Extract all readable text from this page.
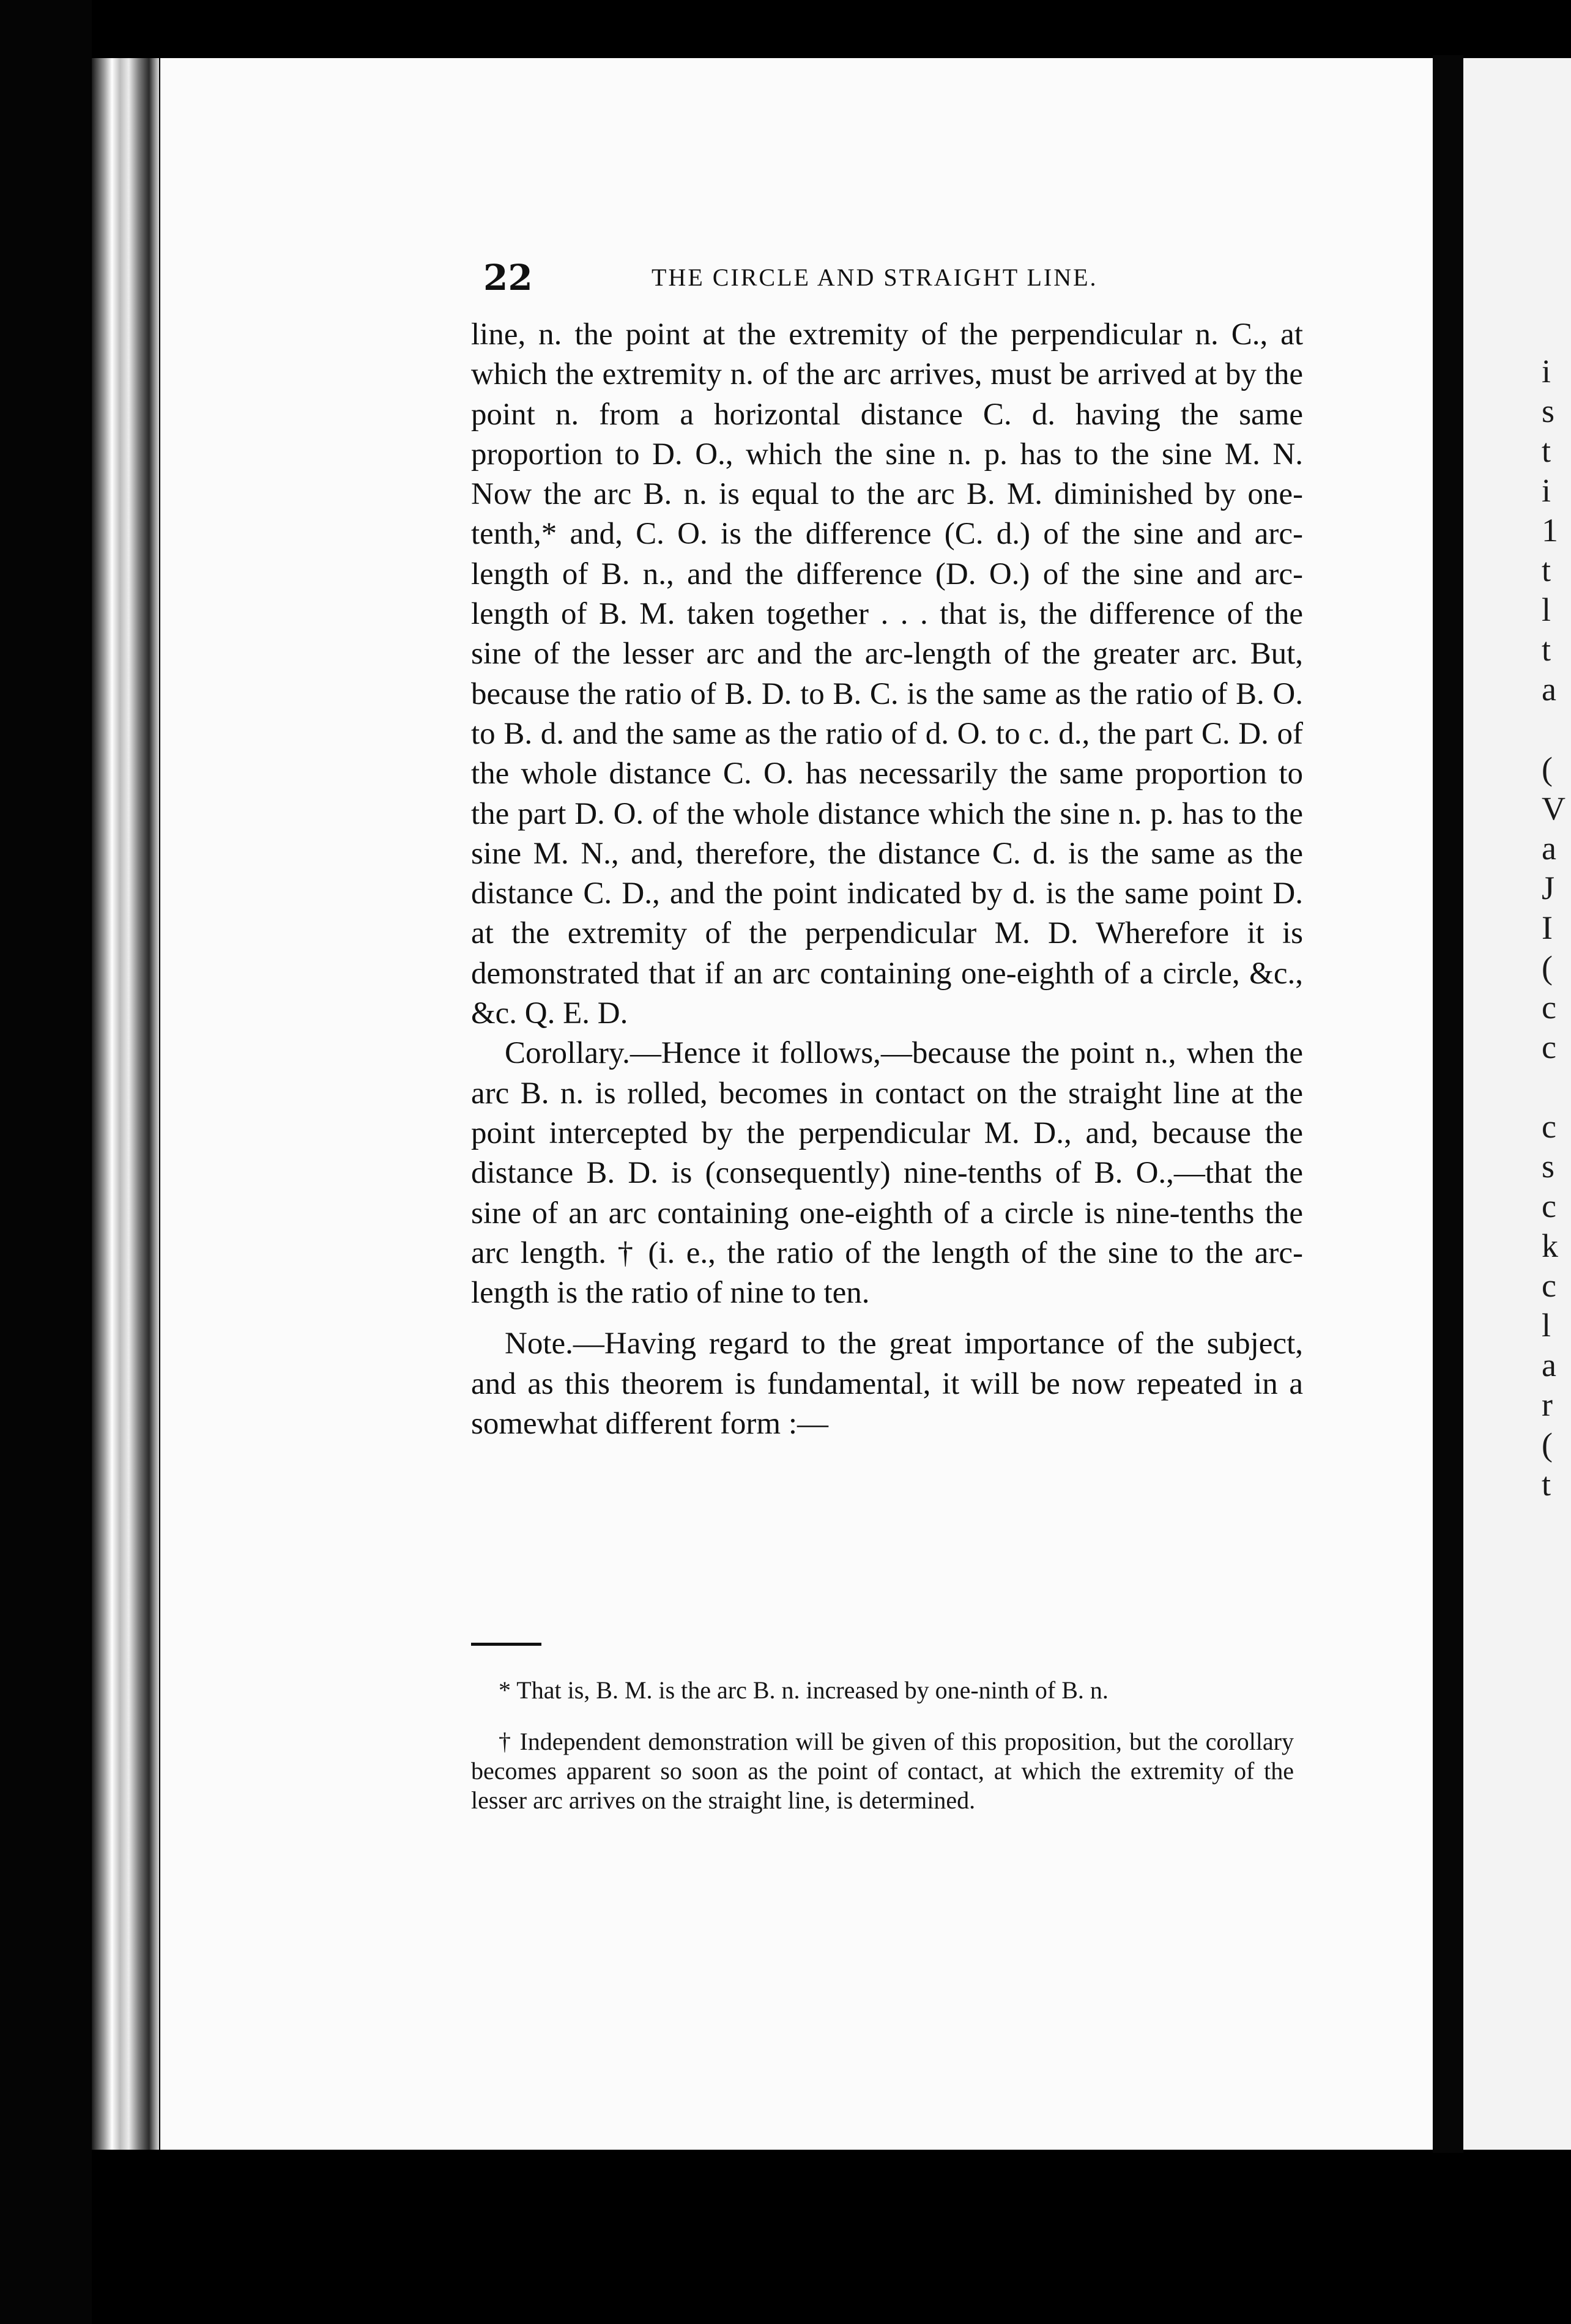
22	THE CIRCLE AND STRAIGHT LINE.

line, n. the point at the extremity of the perpendicular n. C., at which the extremity n. of the arc arrives, must be arrived at by the point n. from a horizontal distance C. d. having the same proportion to D. O., which the sine n. p. has to the sine M. N. Now the arc B. n. is equal to the arc B. M. diminished by one-tenth,* and, C. O. is the difference (C. d.) of the sine and arc-length of B. n., and the difference (D. O.) of the sine and arc-length of B. M. taken together . . . that is, the difference of the sine of the lesser arc and the arc-length of the greater arc. But, because the ratio of B. D. to B. C. is the same as the ratio of B. O. to B. d. and the same as the ratio of d. O. to c. d., the part C. D. of the whole distance C. O. has necessarily the same proportion to the part D. O. of the whole distance which the sine n. p. has to the sine M. N., and, therefore, the distance C. d. is the same as the distance C. D., and the point indicated by d. is the same point D. at the extremity of the perpendicular M. D. Wherefore it is demonstrated that if an arc containing one-eighth of a circle, &c., &c. Q. E. D.

Corollary.—Hence it follows,—because the point n., when the arc B. n. is rolled, becomes in contact on the straight line at the point intercepted by the perpendicular M. D., and, because the distance B. D. is (consequently) nine-tenths of B. O.,—that the sine of an arc containing one-eighth of a circle is nine-tenths the arc length. † (i. e., the ratio of the length of the sine to the arc-length is the ratio of nine to ten.

Note.—Having regard to the great importance of the subject, and as this theorem is fundamental, it will be now repeated in a somewhat different form :—

* That is, B. M. is the arc B. n. increased by one-ninth of B. n.

† Independent demonstration will be given of this proposition, but the corollary becomes apparent so soon as the point of contact, at which the extremity of the lesser arc arrives on the straight line, is determined.

i
s
t
i
1
t
l
t
a
(
V
a
J
I
(
c
c
c
s
c
k
c
l
a
r
(
t
